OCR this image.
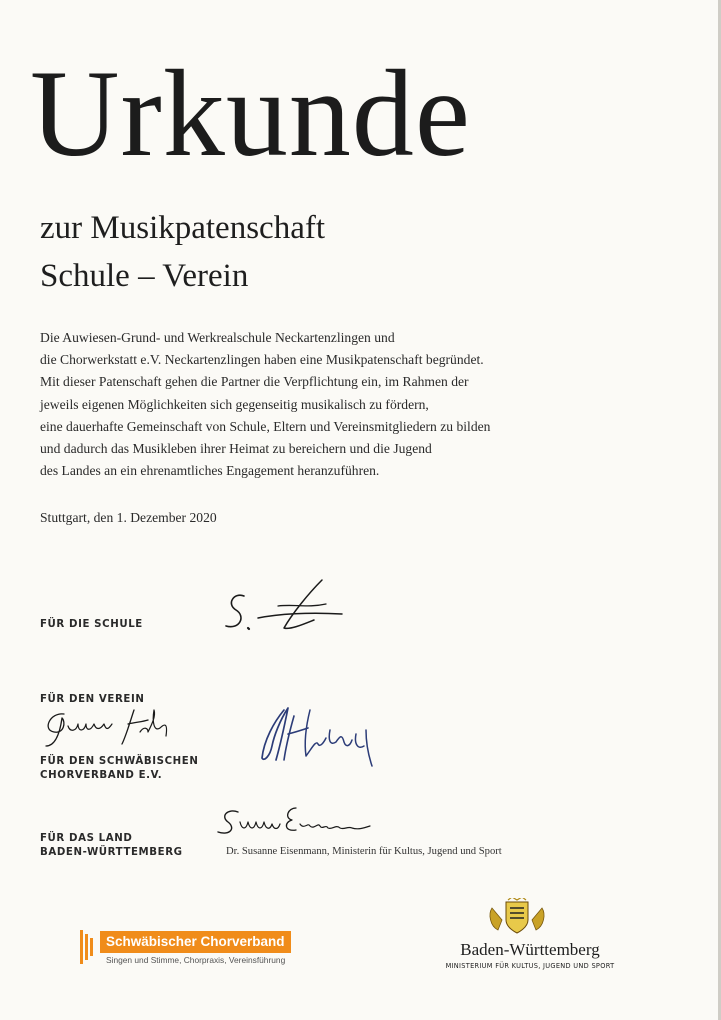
Urkunde
zur Musikpatenschaft
Schule – Verein
Die Auwiesen-Grund- und Werkrealschule Neckartenzlingen und
die Chorwerkstatt e.V. Neckartenzlingen haben eine Musikpatenschaft begründet.
Mit dieser Patenschaft gehen die Partner die Verpflichtung ein, im Rahmen der
jeweils eigenen Möglichkeiten sich gegenseitig musikalisch zu fördern,
eine dauerhafte Gemeinschaft von Schule, Eltern und Vereinsmitgliedern zu bilden
und dadurch das Musikleben ihrer Heimat zu bereichern und die Jugend
des Landes an ein ehrenamtliches Engagement heranzuführen.
Stuttgart, den 1. Dezember 2020
FÜR DIE SCHULE
FÜR DEN VEREIN
FÜR DEN SCHWÄBISCHEN
CHORVERBAND E.V.
FÜR DAS LAND
BADEN-WÜRTTEMBERG	Dr. Susanne Eisenmann, Ministerin für Kultus, Jugend und Sport
Schwäbischer Chorverband
Singen und Stimme, Chorpraxis, Vereinsführung
Baden-Württemberg
MINISTERIUM FÜR KULTUS, JUGEND UND SPORT
